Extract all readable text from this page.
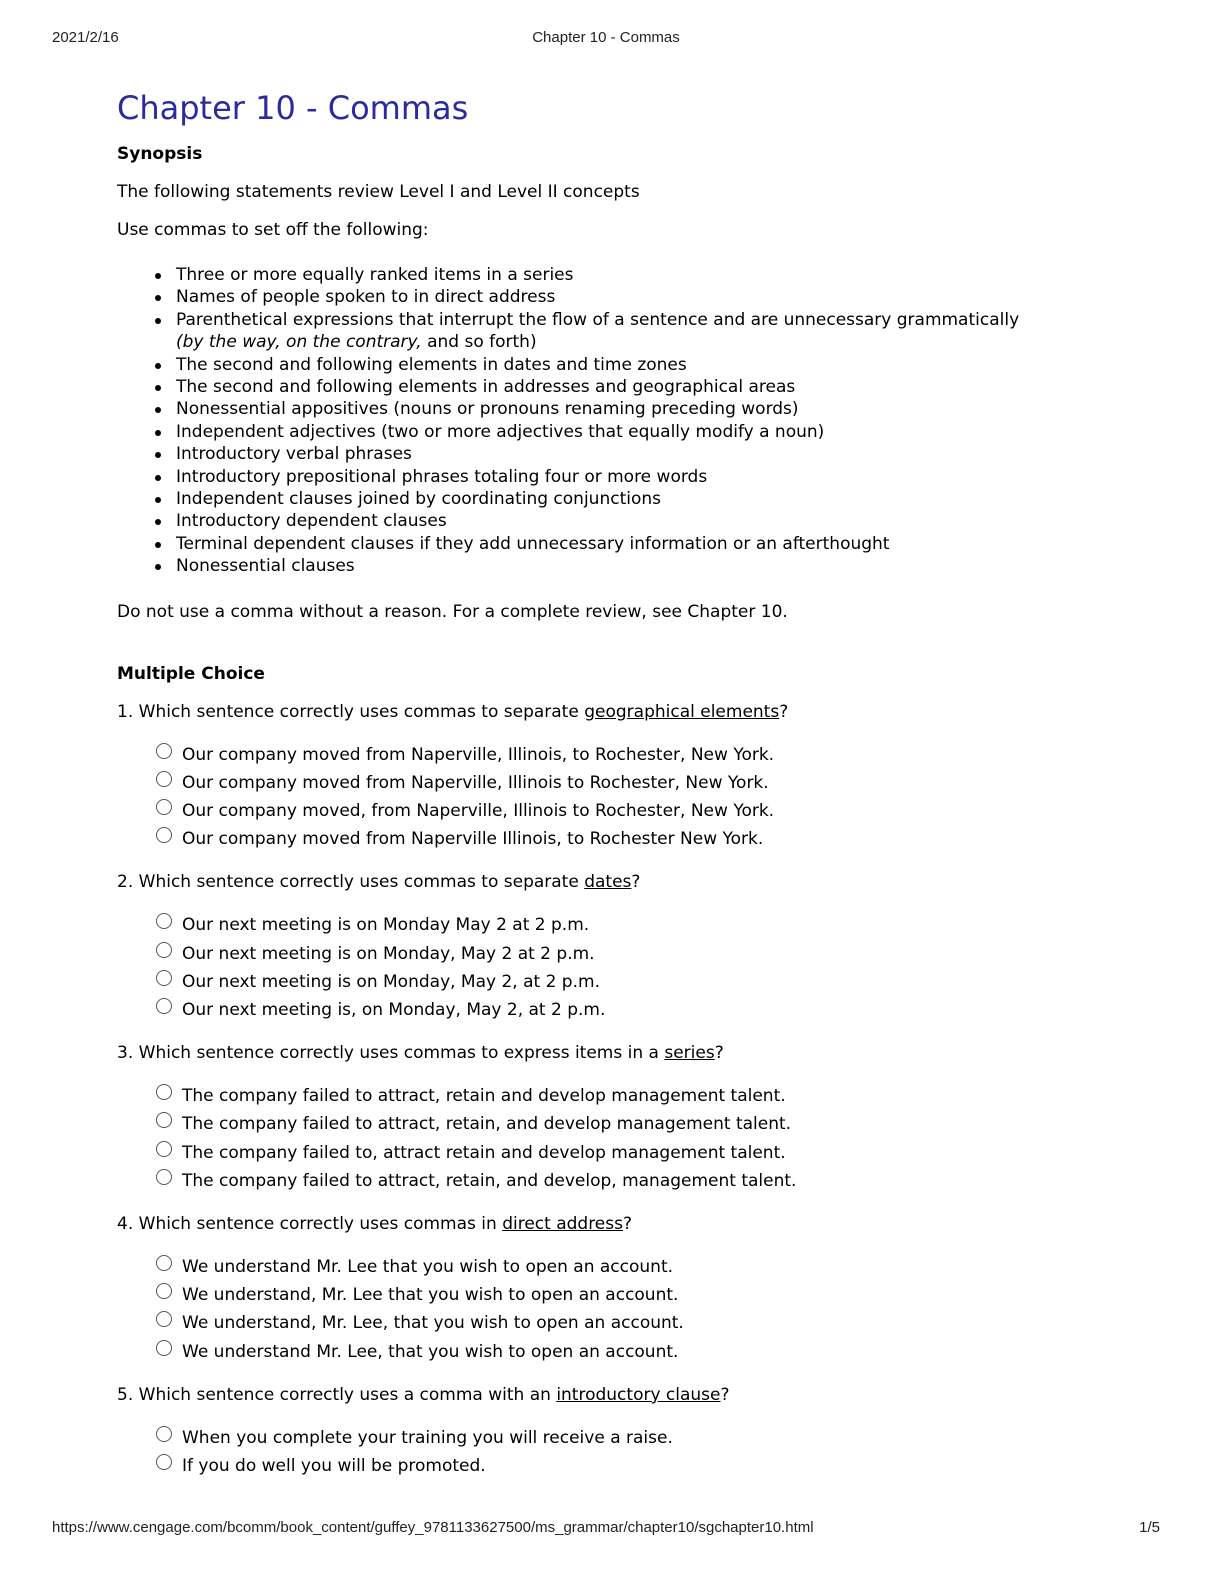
2021/2/16	Chapter 10 - Commas
Chapter 10 - Commas
Synopsis

The following statements review Level I and Level II concepts

Use commas to set off the following:

Three or more equally ranked items in a series
Names of people spoken to in direct address
Parenthetical expressions that interrupt the flow of a sentence and are unnecessary grammatically
(by the way, on the contrary, and so forth)
The second and following elements in dates and time zones
The second and following elements in addresses and geographical areas
Nonessential appositives (nouns or pronouns renaming preceding words)
Independent adjectives (two or more adjectives that equally modify a noun)
Introductory verbal phrases
Introductory prepositional phrases totaling four or more words
Independent clauses joined by coordinating conjunctions
Introductory dependent clauses
Terminal dependent clauses if they add unnecessary information or an afterthought
Nonessential clauses

Do not use a comma without a reason. For a complete review, see Chapter 10.

Multiple Choice
1. Which sentence correctly uses commas to separate geographical elements?
Our company moved from Naperville, Illinois, to Rochester, New York.
Our company moved from Naperville, Illinois to Rochester, New York.
Our company moved, from Naperville, Illinois to Rochester, New York.
Our company moved from Naperville Illinois, to Rochester New York.
2. Which sentence correctly uses commas to separate dates?
Our next meeting is on Monday May 2 at 2 p.m.
Our next meeting is on Monday, May 2 at 2 p.m.
Our next meeting is on Monday, May 2, at 2 p.m.
Our next meeting is, on Monday, May 2, at 2 p.m.
3. Which sentence correctly uses commas to express items in a series?
The company failed to attract, retain and develop management talent.
The company failed to attract, retain, and develop management talent.
The company failed to, attract retain and develop management talent.
The company failed to attract, retain, and develop, management talent.
4. Which sentence correctly uses commas in direct address?
We understand Mr. Lee that you wish to open an account.
We understand, Mr. Lee that you wish to open an account.
We understand, Mr. Lee, that you wish to open an account.
We understand Mr. Lee, that you wish to open an account.
5. Which sentence correctly uses a comma with an introductory clause?
When you complete your training you will receive a raise.
If you do well you will be promoted.
https://www.cengage.com/bcomm/book_content/guffey_9781133627500/ms_grammar/chapter10/sgchapter10.html	1/5
